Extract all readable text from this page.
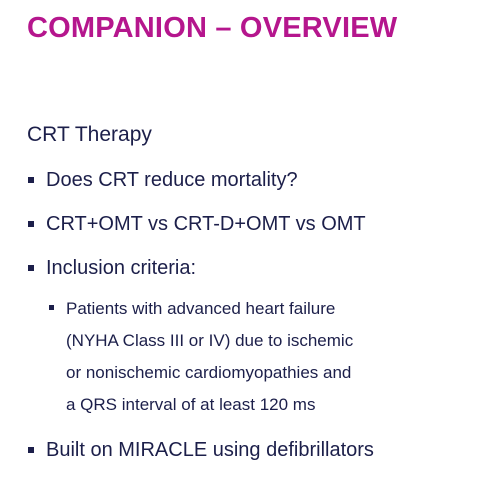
COMPANION – OVERVIEW
CRT Therapy
Does CRT reduce mortality?
CRT+OMT vs CRT-D+OMT vs OMT
Inclusion criteria:
Patients with advanced heart failure
(NYHA Class III or IV) due to ischemic
or nonischemic cardiomyopathies and
a QRS interval of at least 120 ms
Built on MIRACLE using defibrillators
